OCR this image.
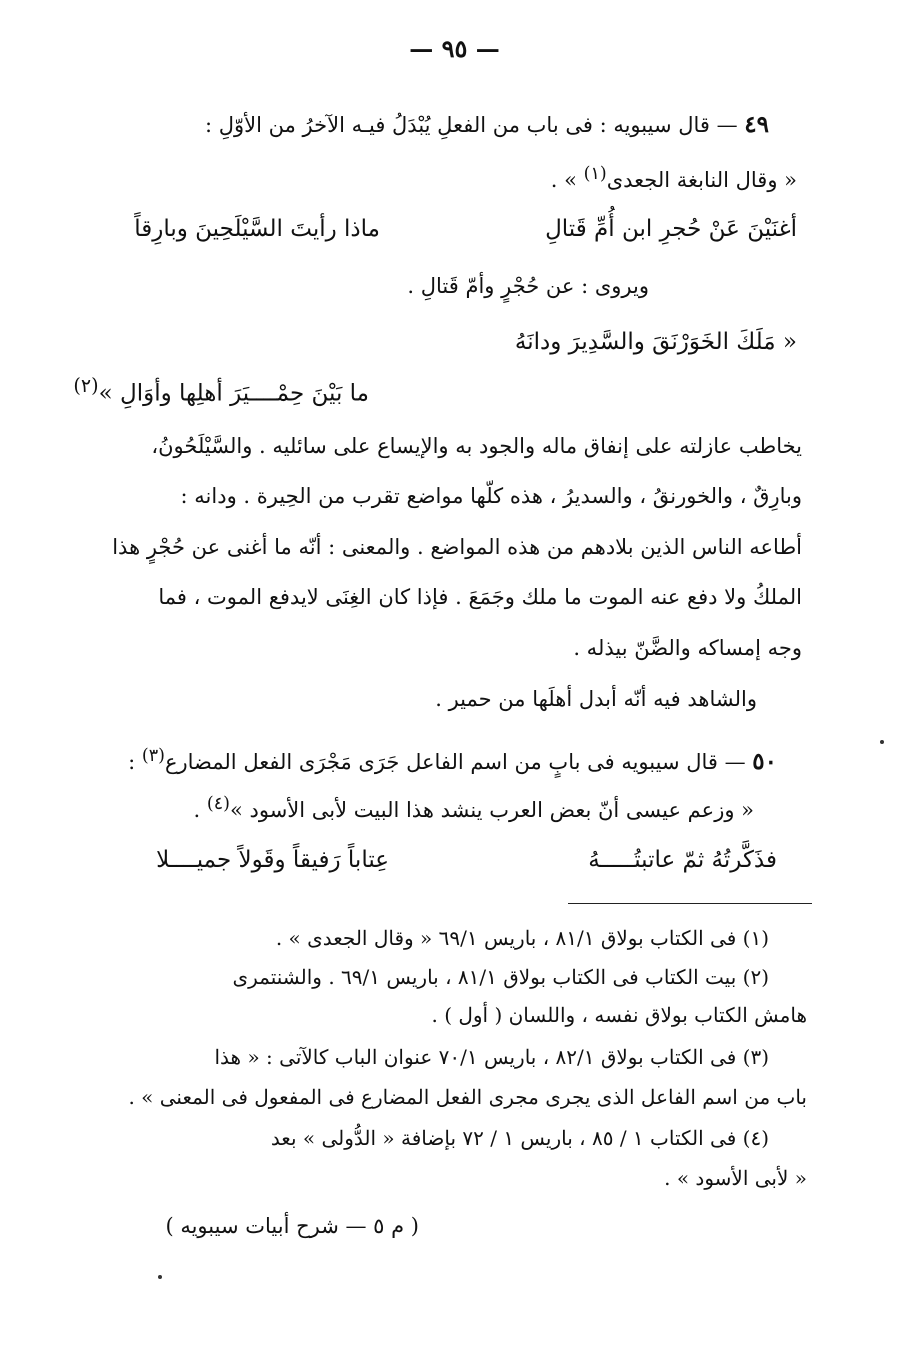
— ٩٥ —
٤٩ — قال سيبويه : فى باب من الفعلِ يُبْدَلُ فيـه الآخرُ من الأوّلِ :
« وقال النابغة الجعدى$^{(١)}$ » .
ماذا رأيتَ السَّيْلَحِينَ وبارِقاً	أغنَيْنَ عَنْ حُجرِ ابن أُمِّ قَتالِ
ويروى : عن حُجْرٍ وأمّ قَتالِ .
« مَلَكَ الخَوَرْنَقَ والسَّدِيرَ ودانَهُ
ما بَيْنَ حِمْــــيَرَ أهلِها وأوَالِ »$^{(٢)}$
يخاطب عازلته على إنفاق ماله والجود به والإيساع على سائليه . والسَّيْلَحُونُ،
وبارِقٌ ، والخورنقُ ، والسديرُ ، هذه كلّها مواضع تقرب من الحِيرة . ودانه :
أطاعه الناس الذين بلادهم من هذه المواضع . والمعنى : أنّه ما أغنى عن حُجْرٍ هذا
الملكُ ولا دفع عنه الموت ما ملك وجَمَعَ . فإذا كان الغِنَى لايدفع الموت ، فما
وجه إمساكه والضَّنّ بيذله .
والشاهد فيه أنّه أبدل أهلَها من حمير .
٥٠ — قال سيبويه فى بابٍ من اسم الفاعل جَرَى مَجْرَى الفعل المضارع$^{(٣)}$ :
« وزعم عيسى أنّ بعض العرب ينشد هذا البيت لأبى الأسود »$^{(٤)}$ .
فذَكَّرتُهُ ثمّ عاتبتُـــــهُ
عِتاباً رَفيقاً وقَولاً جميــــلا
(١) فى الكتاب بولاق ٨١/١ ، باريس ٦٩/١ « وقال الجعدى » .
(٢) بيت الكتاب فى الكتاب بولاق ٨١/١ ، باريس ٦٩/١ . والشنتمرى
هامش الكتاب بولاق نفسه ، واللسان ( أول ) .
(٣) فى الكتاب بولاق ٨٢/١ ، باريس ٧٠/١ عنوان الباب كالآتى : « هذا
باب من اسم الفاعل الذى يجرى مجرى الفعل المضارع فى المفعول فى المعنى » .
(٤) فى الكتاب ١ / ٨٥ ، باريس ١ / ٧٢ بإضافة « الدُّولى » بعد
« لأبى الأسود » .
( م ٥ — شرح أبيات سيبويه )
